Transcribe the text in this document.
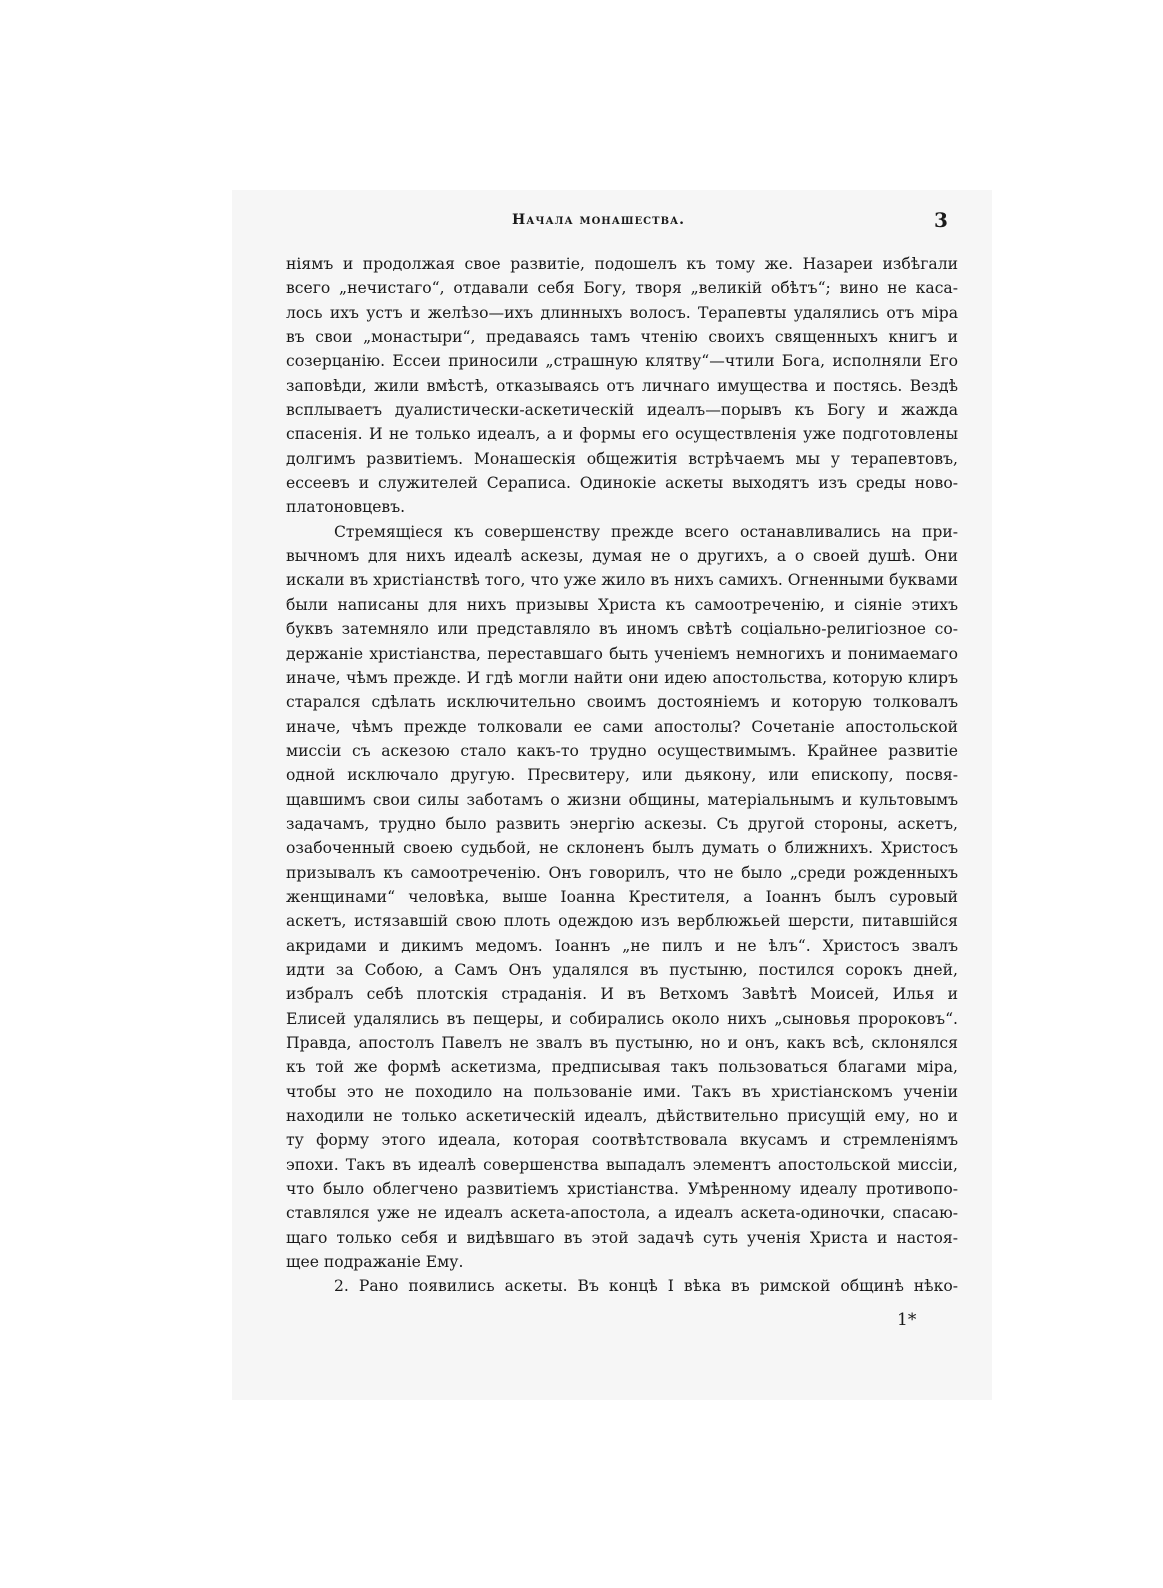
Начала монашества.	3
ніямъ и продолжая свое развитіе, подошелъ къ тому же. Назареи избѣгали
всего „нечистаго“, отдавали себя Богу, творя „великій обѣтъ“; вино не каса-
лось ихъ устъ и желѣзо—ихъ длинныхъ волосъ. Терапевты удалялись отъ міра
въ свои „монастыри“, предаваясь тамъ чтенію своихъ священныхъ книгъ и
созерцанію. Ессеи приносили „страшную клятву“—чтили Бога, исполняли Его
заповѣди, жили вмѣстѣ, отказываясь отъ личнаго имущества и постясь. Вездѣ
всплываетъ дуалистически-аскетическій идеалъ—порывъ къ Богу и жажда
спасенія. И не только идеалъ, а и формы его осуществленія уже подготовлены
долгимъ развитіемъ. Монашескія общежитія встрѣчаемъ мы у терапевтовъ,
ессеевъ и служителей Сераписа. Одинокіе аскеты выходятъ изъ среды ново-
платоновцевъ.
Стремящіеся къ совершенству прежде всего останавливались на при-
вычномъ для нихъ идеалѣ аскезы, думая не о другихъ, а о своей душѣ. Они
искали въ христіанствѣ того, что уже жило въ нихъ самихъ. Огненными буквами
были написаны для нихъ призывы Христа къ самоотреченію, и сіяніе этихъ
буквъ затемняло или представляло въ иномъ свѣтѣ соціально-религіозное со-
держаніе христіанства, переставшаго быть ученіемъ немногихъ и понимаемаго
иначе, чѣмъ прежде. И гдѣ могли найти они идею апостольства, которую клиръ
старался сдѣлать исключительно своимъ достояніемъ и которую толковалъ
иначе, чѣмъ прежде толковали ее сами апостолы? Сочетаніе апостольской
миссіи съ аскезою стало какъ-то трудно осуществимымъ. Крайнее развитіе
одной исключало другую. Пресвитеру, или дьякону, или епископу, посвя-
щавшимъ свои силы заботамъ о жизни общины, матеріальнымъ и культовымъ
задачамъ, трудно было развить энергію аскезы. Съ другой стороны, аскетъ,
озабоченный своею судьбой, не склоненъ былъ думать о ближнихъ. Христосъ
призывалъ къ самоотреченію. Онъ говорилъ, что не было „среди рожденныхъ
женщинами“ человѣка, выше Іоанна Крестителя, а Іоаннъ былъ суровый
аскетъ, истязавшій свою плоть одеждою изъ верблюжьей шерсти, питавшійся
акридами и дикимъ медомъ. Іоаннъ „не пилъ и не ѣлъ“. Христосъ звалъ
идти за Собою, а Самъ Онъ удалялся въ пустыню, постился сорокъ дней,
избралъ себѣ плотскія страданія. И въ Ветхомъ Завѣтѣ Моисей, Илья и
Елисей удалялись въ пещеры, и собирались около нихъ „сыновья пророковъ“.
Правда, апостолъ Павелъ не звалъ въ пустыню, но и онъ, какъ всѣ, склонялся
къ той же формѣ аскетизма, предписывая такъ пользоваться благами міра,
чтобы это не походило на пользованіе ими. Такъ въ христіанскомъ ученіи
находили не только аскетическій идеалъ, дѣйствительно присущій ему, но и
ту форму этого идеала, которая соотвѣтствовала вкусамъ и стремленіямъ
эпохи. Такъ въ идеалѣ совершенства выпадалъ элементъ апостольской миссіи,
что было облегчено развитіемъ христіанства. Умѣренному идеалу противопо-
ставлялся уже не идеалъ аскета-апостола, а идеалъ аскета-одиночки, спасаю-
щаго только себя и видѣвшаго въ этой задачѣ суть ученія Христа и настоя-
щее подражаніе Ему.
2. Рано появились аскеты. Въ концѣ I вѣка въ римской общинѣ нѣко-
1*
